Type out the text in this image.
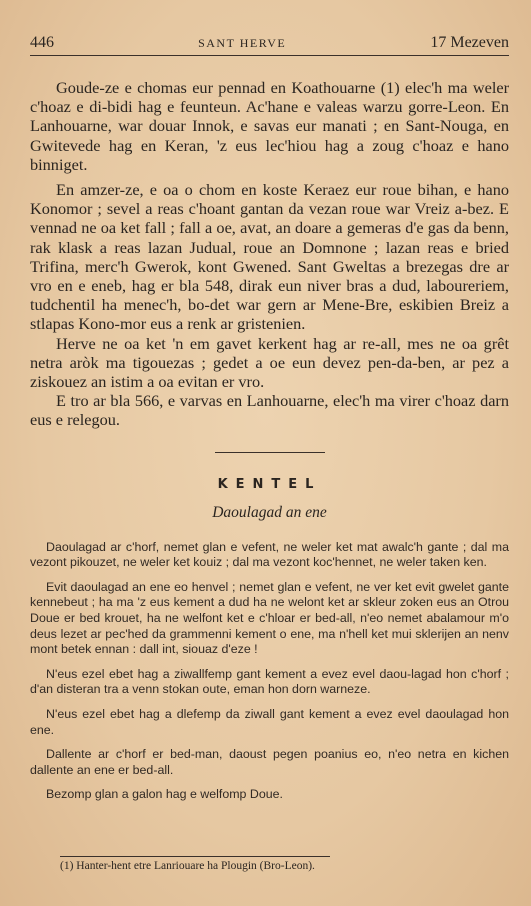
446	SANT HERVE	17 Mezeven

Goude-ze e chomas eur pennad en Koathouarne (1) elec'h ma weler c'hoaz e di-bidi hag e feunteun. Ac'hane e valeas warzu gorre-Leon. En Lanhouarne, war douar Innok, e savas eur manati ; en Sant-Nouga, en Gwitevede hag en Keran, 'z eus lec'hiou hag a zoug c'hoaz e hano binniget.

En amzer-ze, e oa o chom en koste Keraez eur roue bihan, e hano Konomor ; sevel a reas c'hoant gantan da vezan roue war Vreiz a-bez. E vennad ne oa ket fall ; fall a oe, avat, an doare a gemeras d'e gas da benn, rak klask a reas lazan Judual, roue an Domnone ; lazan reas e bried Trifina, merc'h Gwerok, kont Gwened. Sant Gweltas a brezegas dre ar vro en e eneb, hag er bla 548, dirak eun niver bras a dud, laboureriem, tudchentil ha menec'h, bo-det war gern ar Mene-Bre, eskibien Breiz a stlapas Kono-mor eus a renk ar gristenien.

Herve ne oa ket 'n em gavet kerkent hag ar re-all, mes ne oa grêt netra aròk ma tigouezas ; gedet a oe eun devez pen-da-ben, ar pez a ziskouez an istim a oa evitan er vro.

E tro ar bla 566, e varvas en Lanhouarne, elec'h ma virer c'hoaz darn eus e relegou.

KENTEL
Daoulagad an ene

Daoulagad ar c'horf, nemet glan e vefent, ne weler ket mat awalc'h gante ; dal ma vezont pikouzet, ne weler ket kouiz ; dal ma vezont koc'hennet, ne weler taken ken.

Evit daoulagad an ene eo henvel ; nemet glan e vefent, ne ver ket evit gwelet gante kennebeut ; ha ma 'z eus kement a dud ha ne welont ket ar skleur zoken eus an Otrou Doue er bed krouet, ha ne welfont ket e c'hloar er bed-all, n'eo nemet abalamour m'o deus lezet ar pec'hed da grammenni kement o ene, ma n'hell ket mui sklerijen an nenv mont betek ennan : dall int, siouaz d'eze !

N'eus ezel ebet hag a ziwallfemp gant kement a evez evel daou-lagad hon c'horf ; d'an disteran tra a venn stokan oute, eman hon dorn warneze.

N'eus ezel ebet hag a dlefemp da ziwall gant kement a evez evel daoulagad hon ene.

Dallente ar c'horf er bed-man, daoust pegen poanius eo, n'eo netra en kichen dallente an ene er bed-all.

Bezomp glan a galon hag e welfomp Doue.

(1) Hanter-hent etre Lanriouare ha Plougin (Bro-Leon).
